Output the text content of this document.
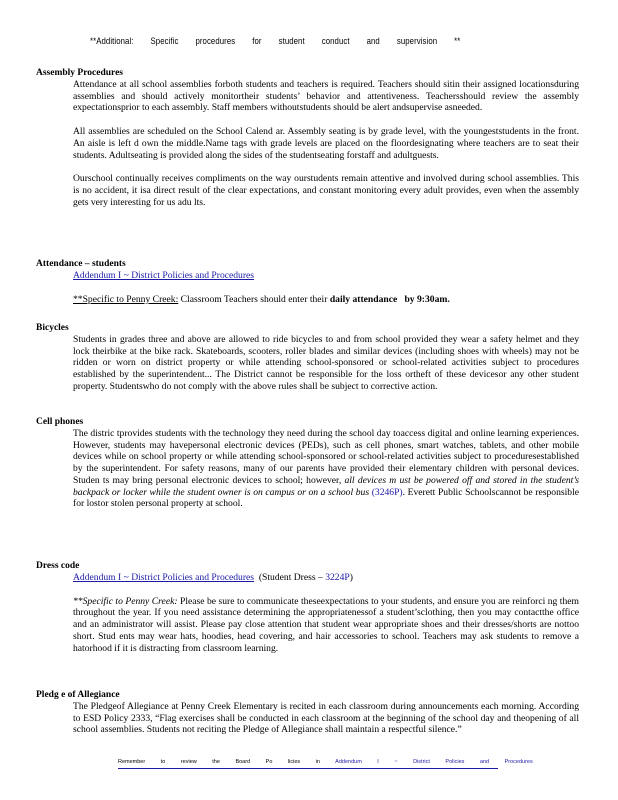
**Additional: Specific procedures for student conduct and supervision **
Assembly Procedures

Attendance at all school assemblies forboth students and teachers is required. Teachers should sitin their assigned locationsduring assemblies and should actively monitortheir students’ behavior and attentiveness. Teachersshould review the assembly expectationsprior to each assembly. Staff members withoutstudents should be alert andsupervise asneeded.

All assemblies are scheduled on the School Calend ar. Assembly seating is by grade level, with the youngeststudents in the front. An aisle is left d own the middle.Name tags with grade levels are placed on the floordesignating where teachers are to seat their students. Adultseating is provided along the sides of the studentseating forstaff and adultguests.

Ourschool continually receives compliments on the way ourstudents remain attentive and involved during school assemblies. This is no accident, it isa direct result of the clear expectations, and constant monitoring every adult provides, even when the assembly gets very interesting for us adu lts.

Attendance – students

Addendum I ~ District Policies and Procedures

**Specific to Penny Creek: Classroom Teachers should enter their daily attendance by 9:30am.

Bicycles

Students in grades three and above are allowed to ride bicycles to and from school provided they wear a safety helmet and they lock theirbike at the bike rack. Skateboards, scooters, roller blades and similar devices (including shoes with wheels) may not be ridden or worn on district property or while attending school-sponsored or school-related activities subject to procedures established by the superintendent... The District cannot be responsible for the loss ortheft of these devicesor any other student property. Studentswho do not comply with the above rules shall be subject to corrective action.

Cell phones

The distric tprovides students with the technology they need during the school day toaccess digital and online learning experiences. However, students may havepersonal electronic devices (PEDs), such as cell phones, smart watches, tablets, and other mobile devices while on school property or while attending school-sponsored or school-related activities subject to proceduresestablished by the superintendent. For safety reasons, many of our parents have provided their elementary children with personal devices. Studen ts may bring personal electronic devices to school; however, all devices m ust be powered off and stored in the student’s backpack or locker while the student owner is on campus or on a school bus (3246P). Everett Public Schoolscannot be responsible for lostor stolen personal property at school.

Dress code

Addendum I ~ District Policies and Procedures (Student Dress – 3224P)

**Specific to Penny Creek: Please be sure to communicate theseexpectations to your students, and ensure you are reinforci ng them throughout the year. If you need assistance determining the appropriatenessof a student’sclothing, then you may contactthe office and an administrator will assist. Please pay close attention that student wear appropriate shoes and their dresses/shorts are nottoo short. Stud ents may wear hats, hoodies, head covering, and hair accessories to school. Teachers may ask students to remove a hatorhood if it is distracting from classroom learning.

Pledg e of Allegiance

The Pledgeof Allegiance at Penny Creek Elementary is recited in each classroom during announcements each morning. According to ESD Policy 2333, “Flag exercises shall be conducted in each classroom at the beginning of the school day and theopening of all school assemblies. Students not reciting the Pledge of Allegiance shall maintain a respectful silence.”

Remember to review the Board Po licies in	Addendum I ~ District Policies and Procedures
